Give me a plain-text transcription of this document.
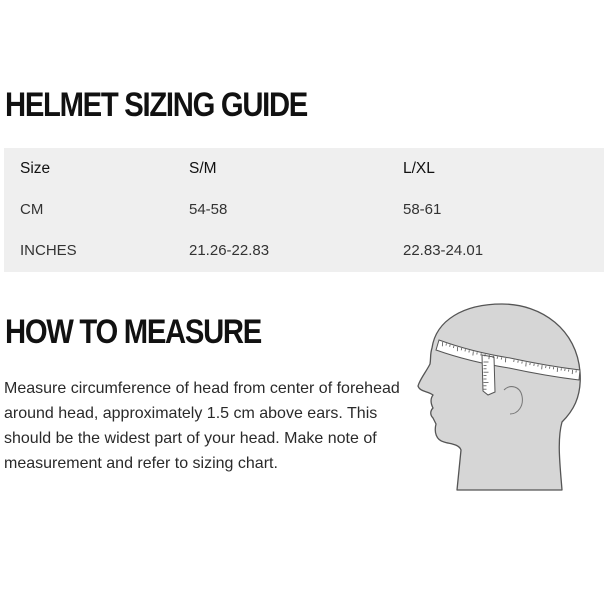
HELMET SIZING GUIDE
Size	S/M	L/XL
CM	54-58	58-61
INCHES	21.26-22.83	22.83-24.01
HOW TO MEASURE

Measure circumference of head from center of forehead around head, approximately 1.5 cm above ears. This should be the widest part of your head. Make note of measurement and refer to sizing chart.
